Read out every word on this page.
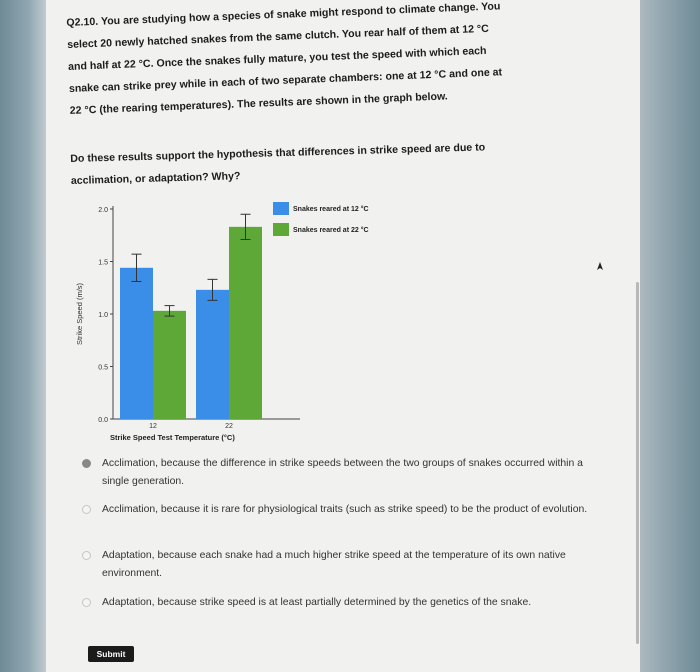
Q2.10. You are studying how a species of snake might respond to climate change. You

select 20 newly hatched snakes from the same clutch. You rear half of them at 12 °C

and half at 22 °C. Once the snakes fully mature, you test the speed with which each

snake can strike prey while in each of two separate chambers: one at 12 °C and one at

22 °C (the rearing temperatures). The results are shown in the graph below.

Do these results support the hypothesis that differences in strike speed are due to

acclimation, or adaptation? Why?

0.0
0.5
1.0
1.5
2.0
Strike Speed (m/s)
12	22
Strike Speed Test Temperature (°C)
Snakes reared at 12 °C
Snakes reared at 22 °C
Acclimation, because the difference in strike speeds between the two groups of snakes occurred within a single generation.
Acclimation, because it is rare for physiological traits (such as strike speed) to be the product of evolution.
Adaptation, because each snake had a much higher strike speed at the temperature of its own native environment.
Adaptation, because strike speed is at least partially determined by the genetics of the snake.
Submit
